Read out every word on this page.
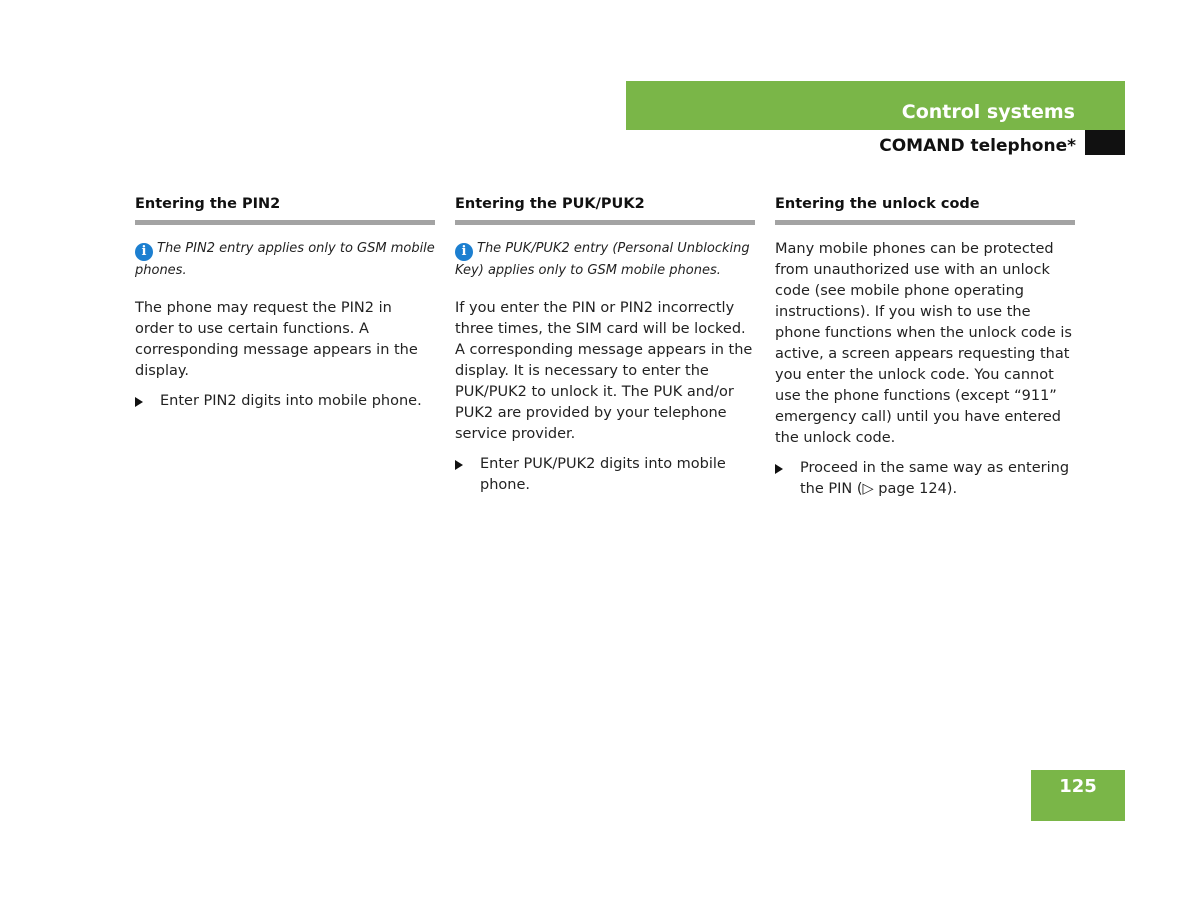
Control systems
COMAND telephone*
Entering the PIN2

i The PIN2 entry applies only to GSM mobile phones.

The phone may request the PIN2 in order to use certain functions. A corresponding message appears in the display.

Enter PIN2 digits into mobile phone.

Entering the PUK/PUK2

i The PUK/PUK2 entry (Personal Unblocking Key) applies only to GSM mobile phones.

If you enter the PIN or PIN2 incorrectly three times, the SIM card will be locked. A corresponding message appears in the display. It is necessary to enter the PUK/PUK2 to unlock it. The PUK and/or PUK2 are provided by your telephone service provider.

Enter PUK/PUK2 digits into mobile phone.

Entering the unlock code

Many mobile phones can be protected from unauthorized use with an unlock code (see mobile phone operating instructions). If you wish to use the phone functions when the unlock code is active, a screen appears requesting that you enter the unlock code. You cannot use the phone functions (except “911” emergency call) until you have entered the unlock code.

Proceed in the same way as entering the PIN (▷ page 124).

125
